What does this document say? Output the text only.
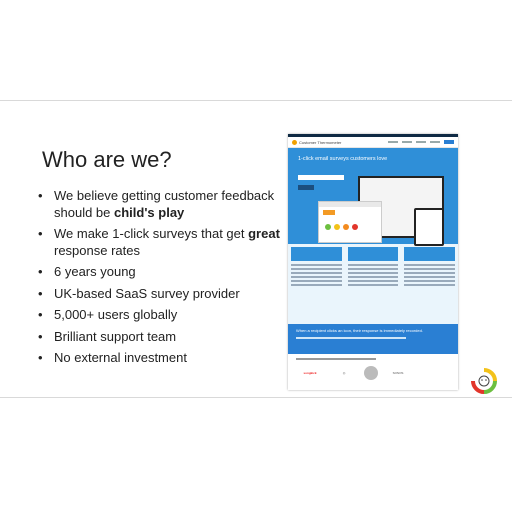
Who are we?
• We believe getting customer feedback should be child's play
• We make 1-click surveys that get great response rates
• 6 years young
• UK-based SaaS survey provider
• 5,000+ users globally
• Brilliant support team
• No external investment
Customer Thermometer
1-click email surveys customers love
When a recipient clicks an icon, their response is immediately recorded.
songkick	◎	SONOS
